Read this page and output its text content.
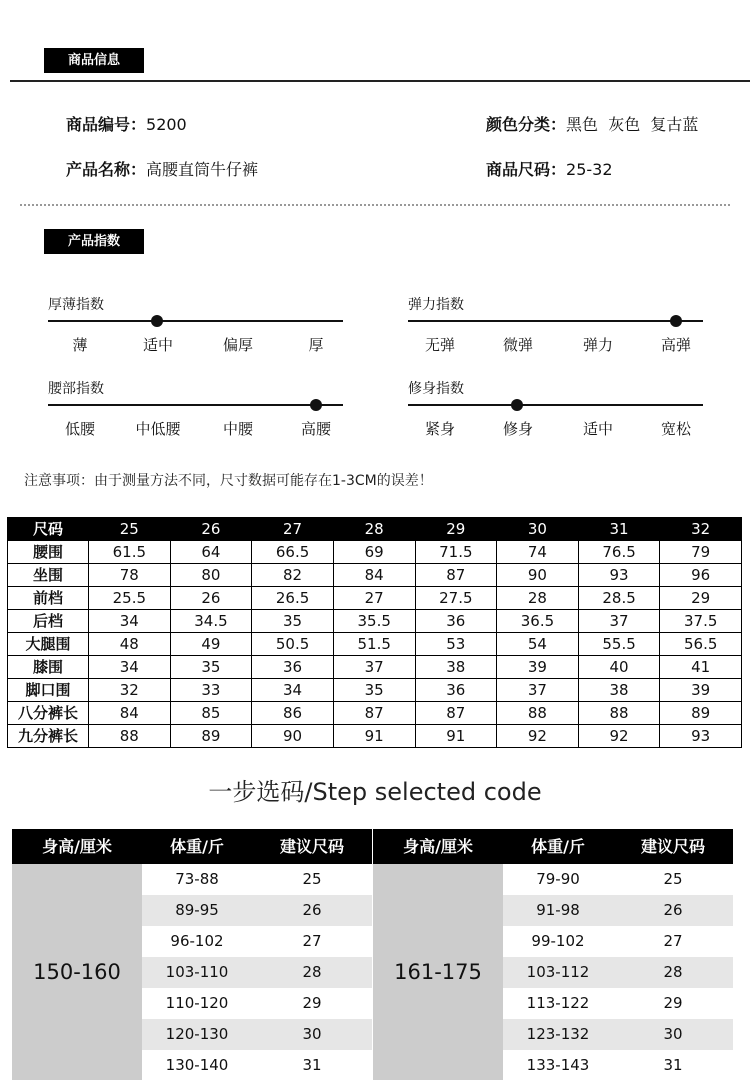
商品信息
商品编号：5200	颜色分类：黑色  灰色  复古蓝
产品名称：高腰直筒牛仔裤	商品尺码：25-32
产品指数
厚薄指数
薄	适中	偏厚	厚
弹力指数
无弹	微弹	弹力	高弹
腰部指数
低腰	中低腰	中腰	高腰
修身指数
紧身	修身	适中	宽松
注意事项：由于测量方法不同，尺寸数据可能存在1-3CM的误差！
尺码	25	26	27	28	29	30	31	32
腰围	61.5	64	66.5	69	71.5	74	76.5	79
坐围	78	80	82	84	87	90	93	96
前档	25.5	26	26.5	27	27.5	28	28.5	29
后档	34	34.5	35	35.5	36	36.5	37	37.5
大腿围	48	49	50.5	51.5	53	54	55.5	56.5
膝围	34	35	36	37	38	39	40	41
脚口围	32	33	34	35	36	37	38	39
八分裤长	84	85	86	87	87	88	88	89
九分裤长	88	89	90	91	91	92	92	93
一步选码/Step selected code
身高/厘米	体重/斤	建议尺码
150-160
73-88	25
89-95	26
96-102	27
103-110	28
110-120	29
120-130	30
130-140	31
身高/厘米	体重/斤	建议尺码
161-175
79-90	25
91-98	26
99-102	27
103-112	28
113-122	29
123-132	30
133-143	31
